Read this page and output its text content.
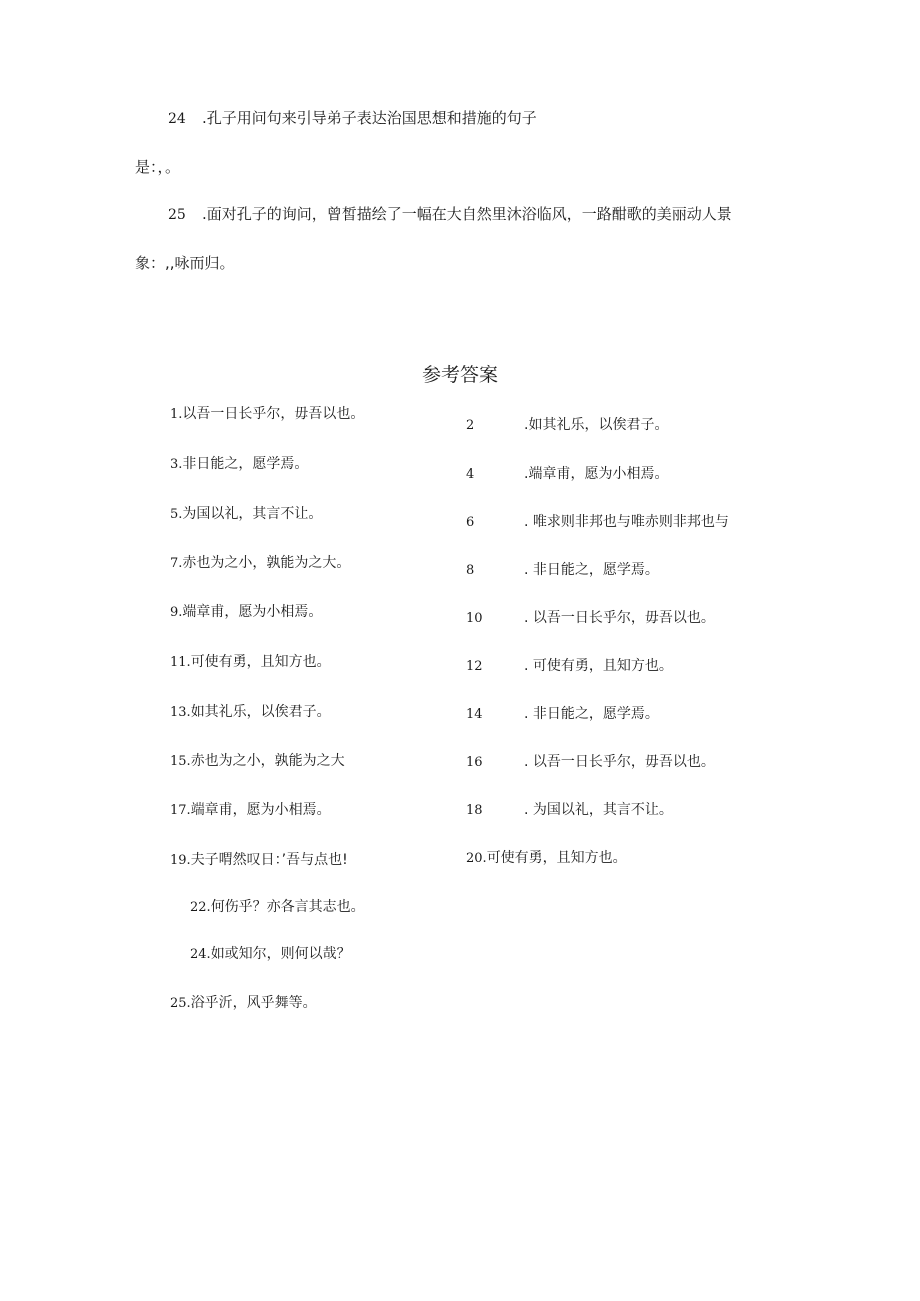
24 .孔子用问句来引导弟子表达治国思想和措施的句子
是：，。
25 .面对孔子的询问，曾皙描绘了一幅在大自然里沐浴临风，一路酣歌的美丽动人景
象：,,咏而归。
参考答案
1.以吾一日长乎尔，毋吾以也。
3.非日能之，愿学焉。
5.为国以礼，其言不让。
7.赤也为之小，孰能为之大。
9.端章甫，愿为小相焉。
11.可使有勇，且知方也。
13.如其礼乐，以俟君子。
15.赤也为之小，孰能为之大
17.端章甫，愿为小相焉。
19.夫子喟然叹日：’吾与点也!
22.何伤乎？亦各言其志也。
24.如或知尔，则何以哉？
25.浴乎沂，风乎舞等。
2	.如其礼乐，以俟君子。
4	.端章甫，愿为小相焉。
6	. 唯求则非邦也与唯赤则非邦也与
8	. 非日能之，愿学焉。
10	. 以吾一日长乎尔，毋吾以也。
12	. 可使有勇，且知方也。
14	. 非日能之，愿学焉。
16	. 以吾一日长乎尔，毋吾以也。
18	. 为国以礼，其言不让。
20.可使有勇，且知方也。
